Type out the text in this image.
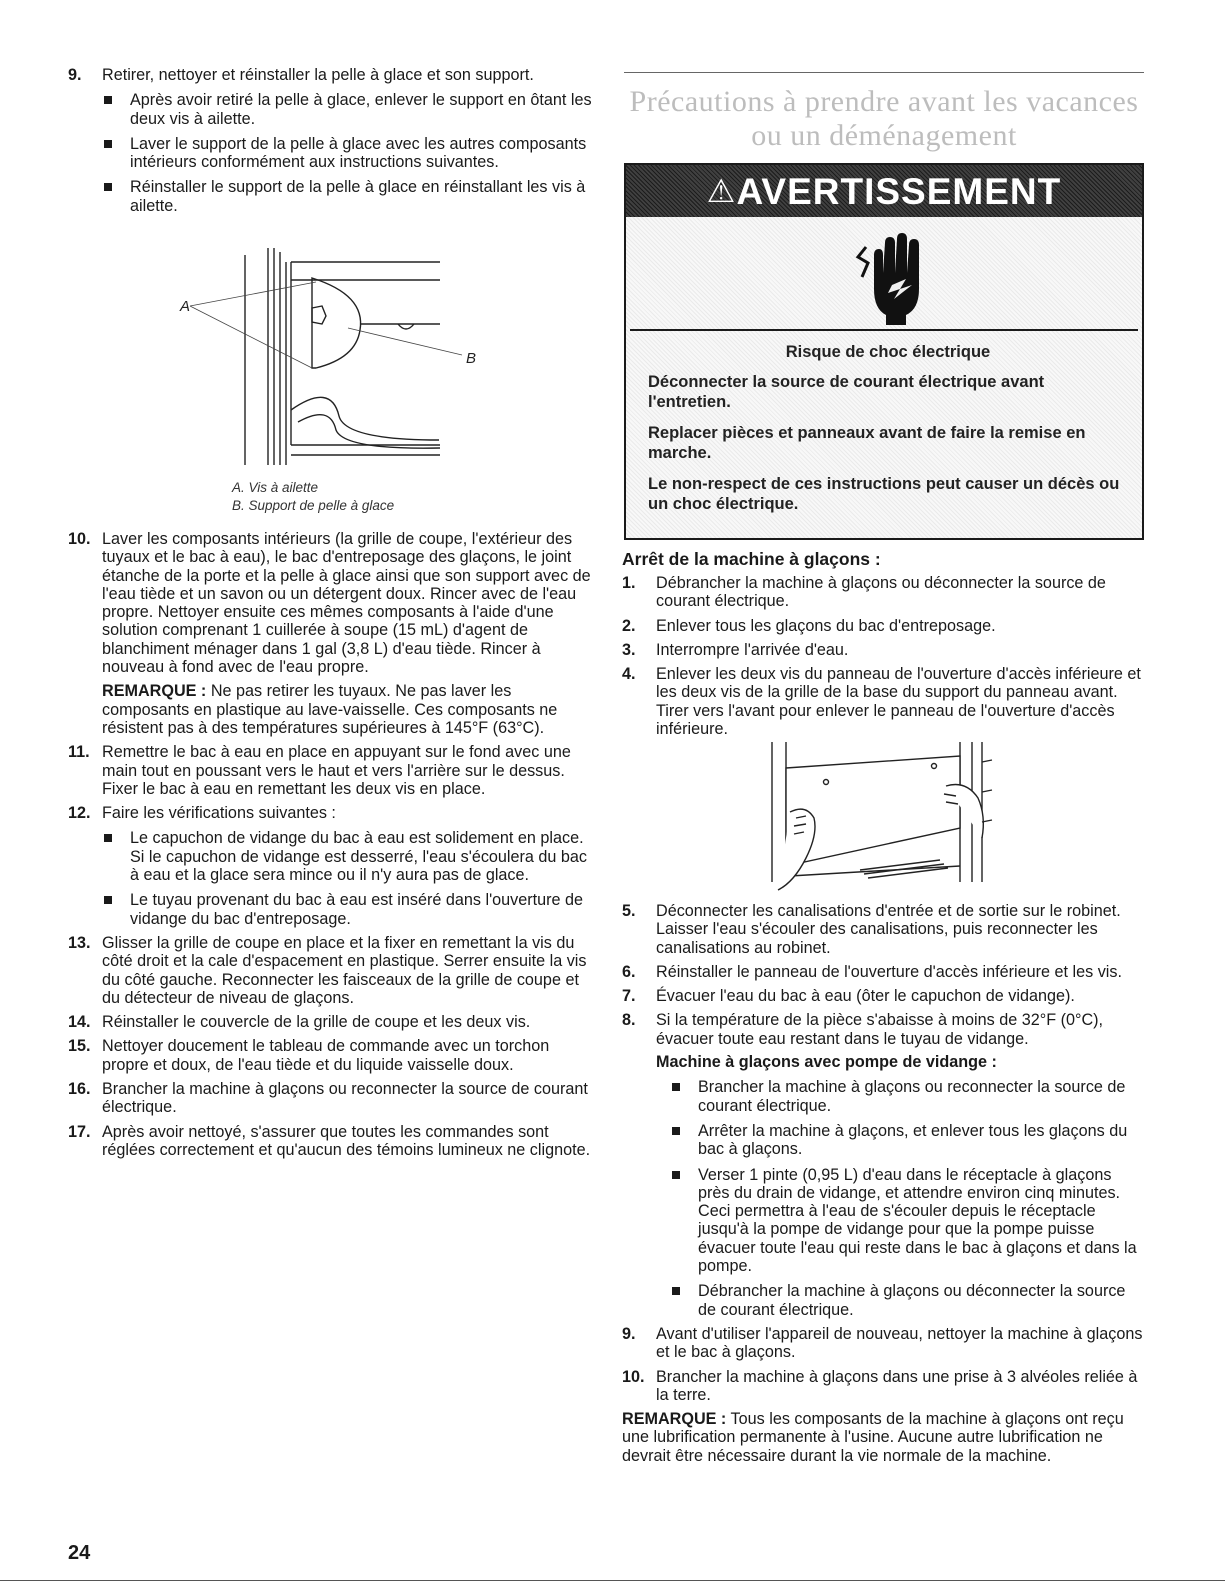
9. Retirer, nettoyer et réinstaller la pelle à glace et son support.

Après avoir retiré la pelle à glace, enlever le support en ôtant les deux vis à ailette.
Laver le support de la pelle à glace avec les autres composants intérieurs conformément aux instructions suivantes.
Réinstaller le support de la pelle à glace en réinstallant les vis à ailette.
A
B
A. Vis à ailette
B. Support de pelle à glace
10. Laver les composants intérieurs (la grille de coupe, l'extérieur des tuyaux et le bac à eau), le bac d'entreposage des glaçons, le joint étanche de la porte et la pelle à glace ainsi que son support avec de l'eau tiède et un savon ou un détergent doux. Rincer avec de l'eau propre. Nettoyer ensuite ces mêmes composants à l'aide d'une solution comprenant 1 cuillerée à soupe (15 mL) d'agent de blanchiment ménager dans 1 gal (3,8 L) d'eau tiède. Rincer à nouveau à fond avec de l'eau propre.

REMARQUE : Ne pas retirer les tuyaux. Ne pas laver les composants en plastique au lave-vaisselle. Ces composants ne résistent pas à des températures supérieures à 145°F (63°C).

11. Remettre le bac à eau en place en appuyant sur le fond avec une main tout en poussant vers le haut et vers l'arrière sur le dessus. Fixer le bac à eau en remettant les deux vis en place.

12. Faire les vérifications suivantes :

Le capuchon de vidange du bac à eau est solidement en place. Si le capuchon de vidange est desserré, l'eau s'écoulera du bac à eau et la glace sera mince ou il n'y aura pas de glace.
Le tuyau provenant du bac à eau est inséré dans l'ouverture de vidange du bac d'entreposage.
13. Glisser la grille de coupe en place et la fixer en remettant la vis du côté droit et la cale d'espacement en plastique. Serrer ensuite la vis du côté gauche. Reconnecter les faisceaux de la grille de coupe et du détecteur de niveau de glaçons.

14. Réinstaller le couvercle de la grille de coupe et les deux vis.

15. Nettoyer doucement le tableau de commande avec un torchon propre et doux, de l'eau tiède et du liquide vaisselle doux.

16. Brancher la machine à glaçons ou reconnecter la source de courant électrique.

17. Après avoir nettoyé, s'assurer que toutes les commandes sont réglées correctement et qu'aucun des témoins lumineux ne clignote.

Précautions à prendre avant les vacances
ou un déménagement
⚠AVERTISSEMENT
Risque de choc électrique
Déconnecter la source de courant électrique avant l'entretien.
Replacer pièces et panneaux avant de faire la remise en marche.
Le non-respect de ces instructions peut causer un décès ou un choc électrique.
Arrêt de la machine à glaçons :
1. Débrancher la machine à glaçons ou déconnecter la source de courant électrique.

2. Enlever tous les glaçons du bac d'entreposage.

3. Interrompre l'arrivée d'eau.

4. Enlever les deux vis du panneau de l'ouverture d'accès inférieure et les deux vis de la grille de la base du support du panneau avant. Tirer vers l'avant pour enlever le panneau de l'ouverture d'accès inférieure.

5. Déconnecter les canalisations d'entrée et de sortie sur le robinet. Laisser l'eau s'écouler des canalisations, puis reconnecter les canalisations au robinet.

6. Réinstaller le panneau de l'ouverture d'accès inférieure et les vis.

7. Évacuer l'eau du bac à eau (ôter le capuchon de vidange).

8. Si la température de la pièce s'abaisse à moins de 32°F (0°C), évacuer toute eau restant dans le tuyau de vidange.

Machine à glaçons avec pompe de vidange :

Brancher la machine à glaçons ou reconnecter la source de courant électrique.
Arrêter la machine à glaçons, et enlever tous les glaçons du bac à glaçons.
Verser 1 pinte (0,95 L) d'eau dans le réceptacle à glaçons près du drain de vidange, et attendre environ cinq minutes. Ceci permettra à l'eau de s'écouler depuis le réceptacle jusqu'à la pompe de vidange pour que la pompe puisse évacuer toute l'eau qui reste dans le bac à glaçons et dans la pompe.
Débrancher la machine à glaçons ou déconnecter la source de courant électrique.
9. Avant d'utiliser l'appareil de nouveau, nettoyer la machine à glaçons et le bac à glaçons.

10. Brancher la machine à glaçons dans une prise à 3 alvéoles reliée à la terre.

REMARQUE : Tous les composants de la machine à glaçons ont reçu une lubrification permanente à l'usine. Aucune autre lubrification ne devrait être nécessaire durant la vie normale de la machine.

24
